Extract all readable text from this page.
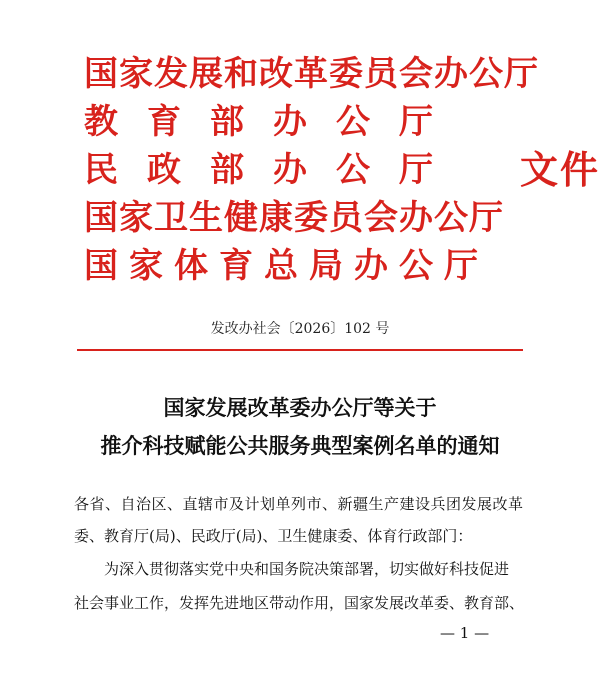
国家发展和改革委员会办公厅
教育部办公厅
民政部办公厅
国家卫生健康委员会办公厅
国家体育总局办公厅
文件
发改办社会〔2026〕102 号
国家发展改革委办公厅等关于
推介科技赋能公共服务典型案例名单的通知
各省、自治区、直辖市及计划单列市、新疆生产建设兵团发展改革
委、教育厅(局)、民政厅(局)、卫生健康委、体育行政部门：
为深入贯彻落实党中央和国务院决策部署，切实做好科技促进
社会事业工作，发挥先进地区带动作用，国家发展改革委、教育部、
— 1 —
